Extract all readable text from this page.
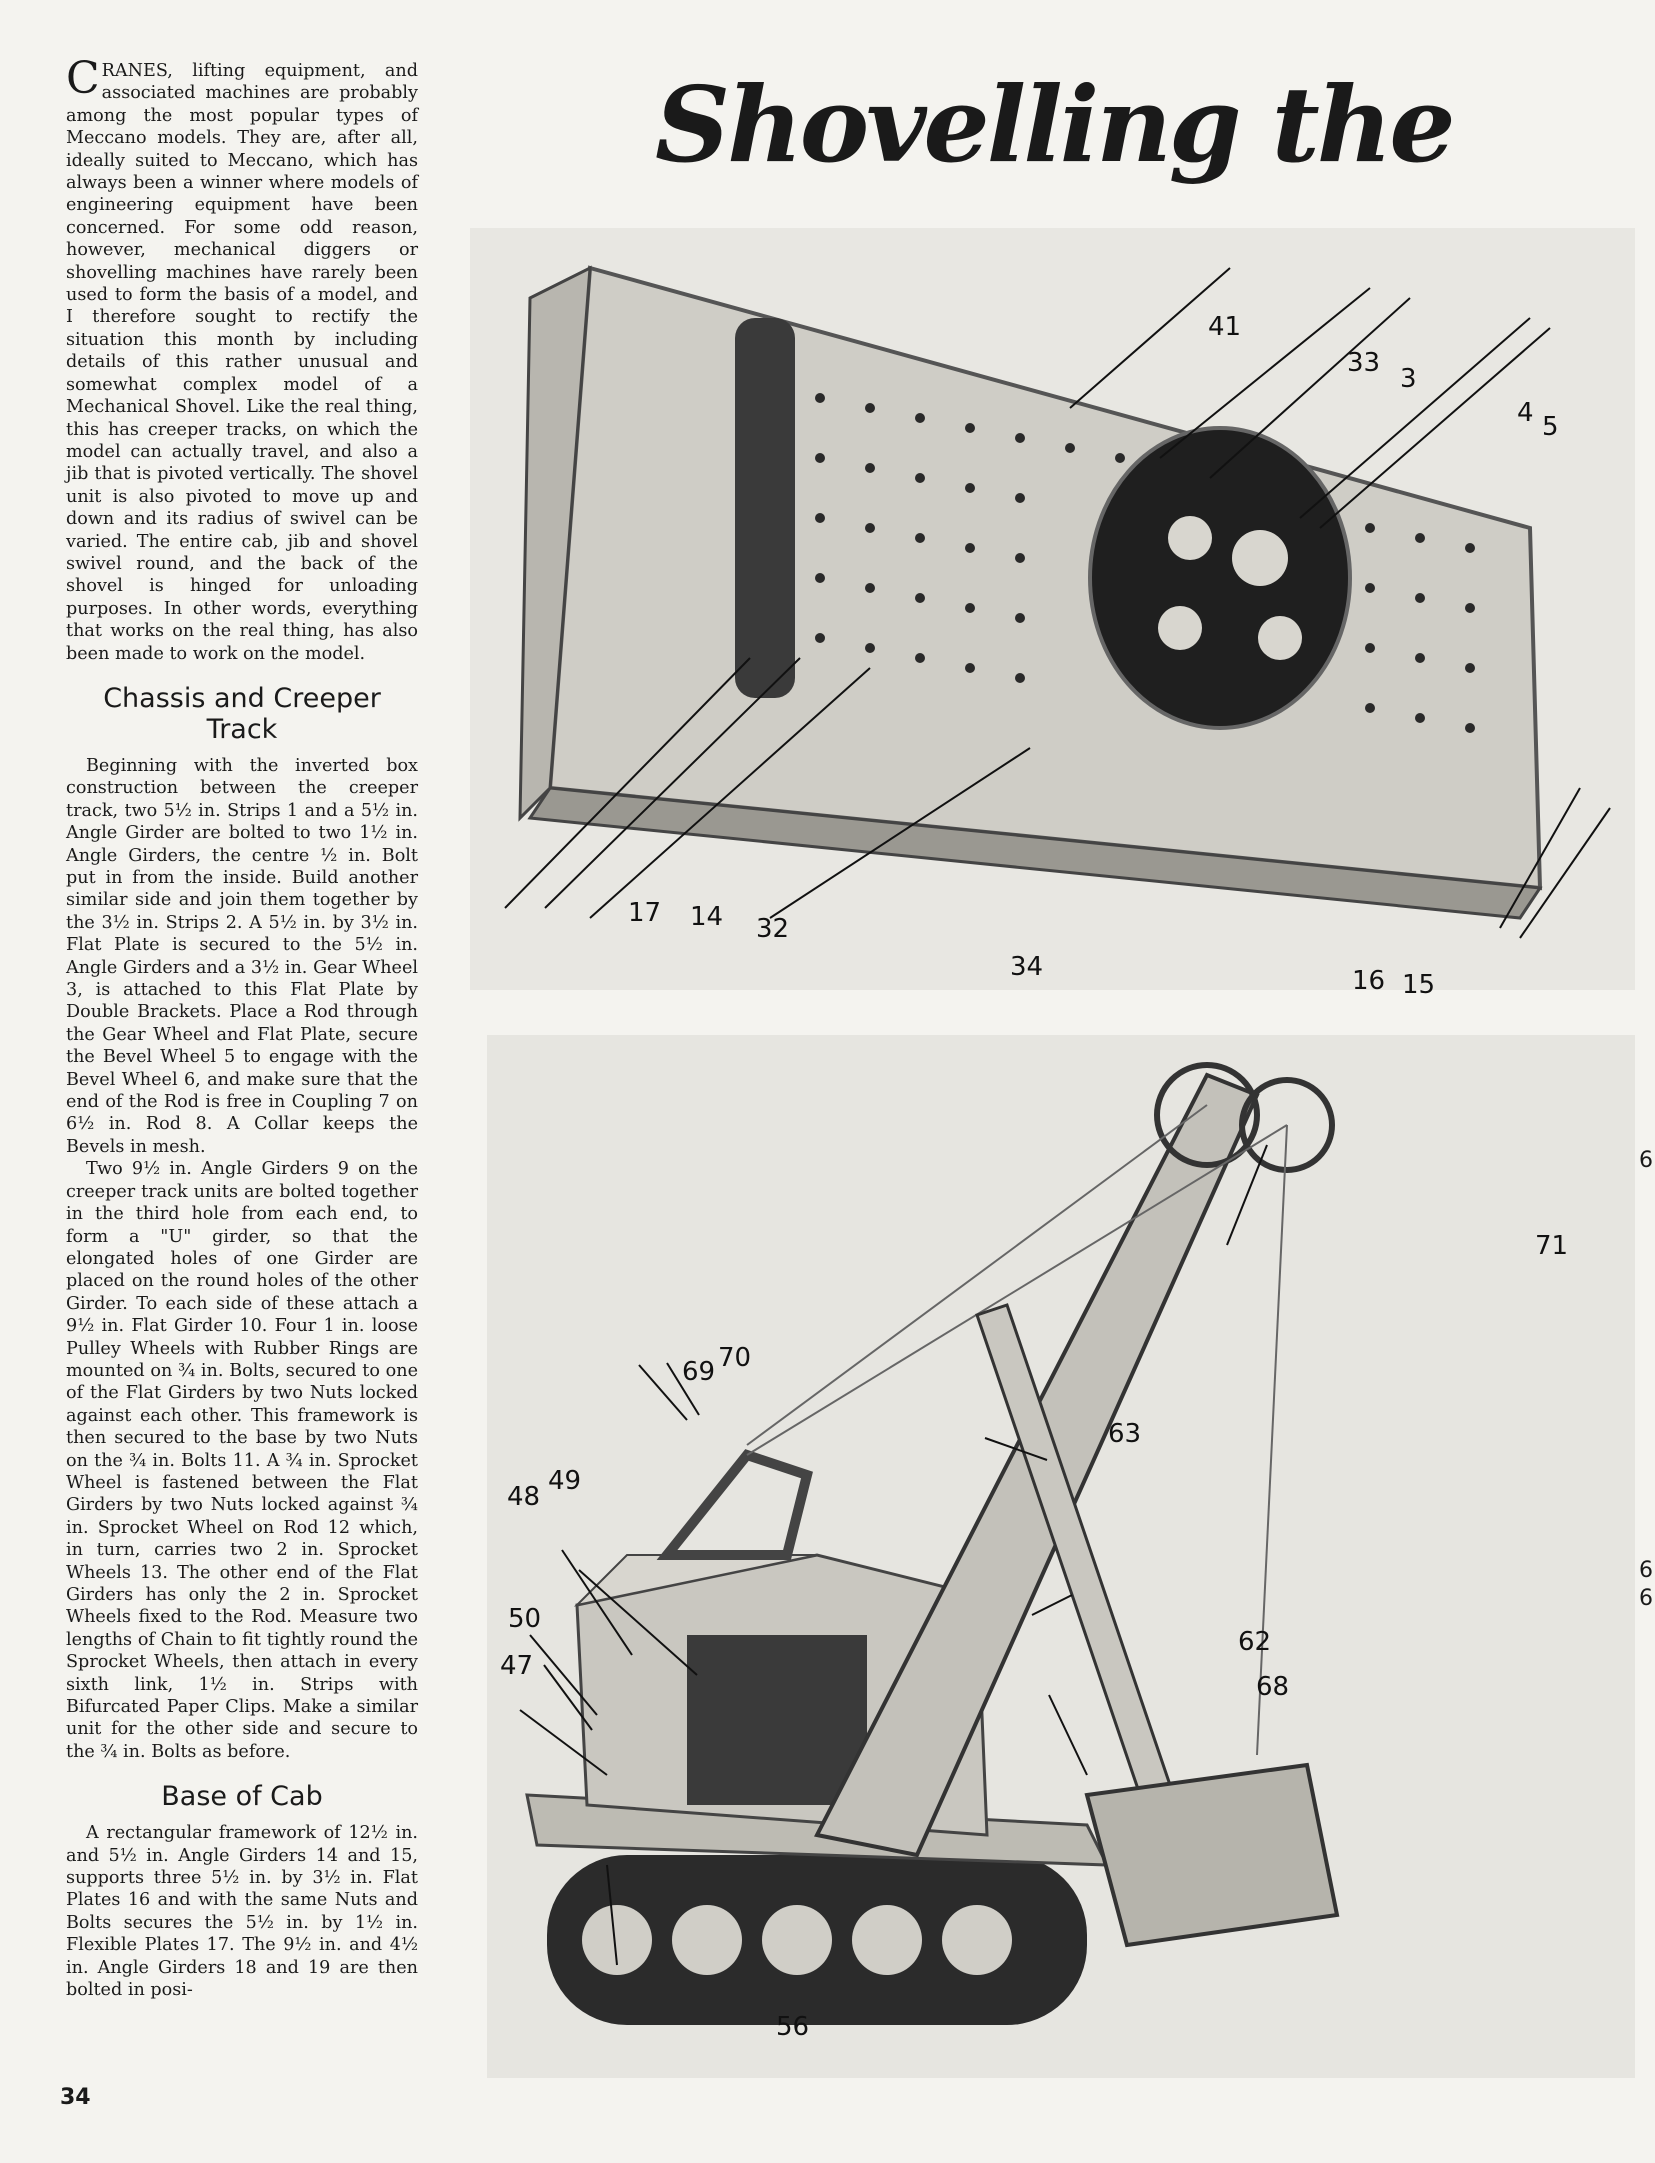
CRANES, lifting equipment, and associated machines are probably among the most popular types of Meccano models. They are, after all, ideally suited to Meccano, which has always been a winner where models of engineering equipment have been concerned. For some odd reason, however, mechanical diggers or shovelling machines have rarely been used to form the basis of a model, and I therefore sought to rectify the situation this month by including details of this rather unusual and somewhat complex model of a Mechanical Shovel. Like the real thing, this has creeper tracks, on which the model can actually travel, and also a jib that is pivoted vertically. The shovel unit is also pivoted to move up and down and its radius of swivel can be varied. The entire cab, jib and shovel swivel round, and the back of the shovel is hinged for unloading purposes. In other words, everything that works on the real thing, has also been made to work on the model.

Chassis and Creeper Track

Beginning with the inverted box construction between the creeper track, two 5½ in. Strips 1 and a 5½ in. Angle Girder are bolted to two 1½ in. Angle Girders, the centre ½ in. Bolt put in from the inside. Build another similar side and join them together by the 3½ in. Strips 2. A 5½ in. by 3½ in. Flat Plate is secured to the 5½ in. Angle Girders and a 3½ in. Gear Wheel 3, is attached to this Flat Plate by Double Brackets. Place a Rod through the Gear Wheel and Flat Plate, secure the Bevel Wheel 5 to engage with the Bevel Wheel 6, and make sure that the end of the Rod is free in Coupling 7 on 6½ in. Rod 8. A Collar keeps the Bevels in mesh.

Two 9½ in. Angle Girders 9 on the creeper track units are bolted together in the third hole from each end, to form a "U" girder, so that the elongated holes of one Girder are placed on the round holes of the other Girder. To each side of these attach a 9½ in. Flat Girder 10. Four 1 in. loose Pulley Wheels with Rubber Rings are mounted on ¾ in. Bolts, secured to one of the Flat Girders by two Nuts locked against each other. This framework is then secured to the base by two Nuts on the ¾ in. Bolts 11. A ¾ in. Sprocket Wheel is fastened between the Flat Girders by two Nuts locked against ¾ in. Sprocket Wheel on Rod 12 which, in turn, carries two 2 in. Sprocket Wheels 13. The other end of the Flat Girders has only the 2 in. Sprocket Wheels fixed to the Rod. Measure two lengths of Chain to fit tightly round the Sprocket Wheels, then attach in every sixth link, 1½ in. Strips with Bifurcated Paper Clips. Make a similar unit for the other side and secure to the ¾ in. Bolts as before.

Base of Cab

A rectangular framework of 12½ in. and 5½ in. Angle Girders 14 and 15, supports three 5½ in. by 3½ in. Flat Plates 16 and with the same Nuts and Bolts secures the 5½ in. by 1½ in. Flexible Plates 17. The 9½ in. and 4½ in. Angle Girders 18 and 19 are then bolted in posi-

Shovelling the
41
33
3
4 5
17 14 32
34	16 15
71
69 70
63
49
48
50
47
62
68
56
6
6
6
34
